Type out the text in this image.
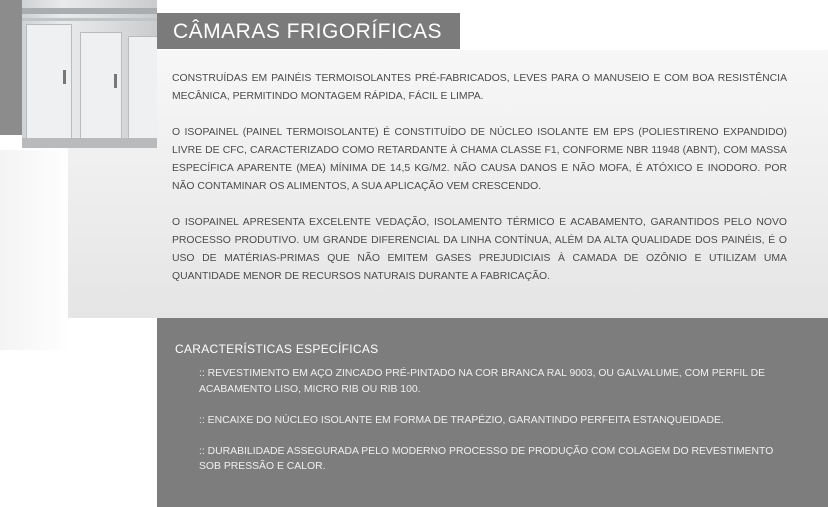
CÂMARAS FRIGORÍFICAS

CONSTRUÍDAS EM PAINÉIS TERMOISOLANTES PRÉ-FABRICADOS, LEVES PARA O MANUSEIO E COM BOA RESISTÊNCIA MECÂNICA, PERMITINDO MONTAGEM RÁPIDA, FÁCIL E LIMPA.

O ISOPAINEL (PAINEL TERMOISOLANTE) É CONSTITUÍDO DE NÚCLEO ISOLANTE EM EPS (POLIESTIRENO EXPANDIDO) LIVRE DE CFC, CARACTERIZADO COMO RETARDANTE À CHAMA CLASSE F1, CONFORME NBR 11948 (ABNT), COM MASSA ESPECÍFICA APARENTE (MEA) MÍNIMA DE 14,5 KG/M2. NÃO CAUSA DANOS E NÃO MOFA, É ATÓXICO E INODORO. POR NÃO CONTAMINAR OS ALIMENTOS, A SUA APLICAÇÃO VEM CRESCENDO.

O ISOPAINEL APRESENTA EXCELENTE VEDAÇÃO, ISOLAMENTO TÉRMICO E ACABAMENTO, GARANTIDOS PELO NOVO PROCESSO PRODUTIVO. UM GRANDE DIFERENCIAL DA LINHA CONTÍNUA, ALÉM DA ALTA QUALIDADE DOS PAINÉIS, É O USO DE MATÉRIAS-PRIMAS QUE NÃO EMITEM GASES PREJUDICIAIS À CAMADA DE OZÔNIO E UTILIZAM UMA QUANTIDADE MENOR DE RECURSOS NATURAIS DURANTE A FABRICAÇÃO.

CARACTERÍSTICAS ESPECÍFICAS

:: REVESTIMENTO EM AÇO ZINCADO PRÉ-PINTADO NA COR BRANCA RAL 9003, OU GALVALUME, COM PERFIL DE ACABAMENTO LISO, MICRO RIB OU RIB 100.

:: ENCAIXE DO NÚCLEO ISOLANTE EM FORMA DE TRAPÉZIO, GARANTINDO PERFEITA ESTANQUEIDADE.

:: DURABILIDADE ASSEGURADA PELO MODERNO PROCESSO DE PRODUÇÃO COM COLAGEM DO REVESTIMENTO SOB PRESSÃO E CALOR.
